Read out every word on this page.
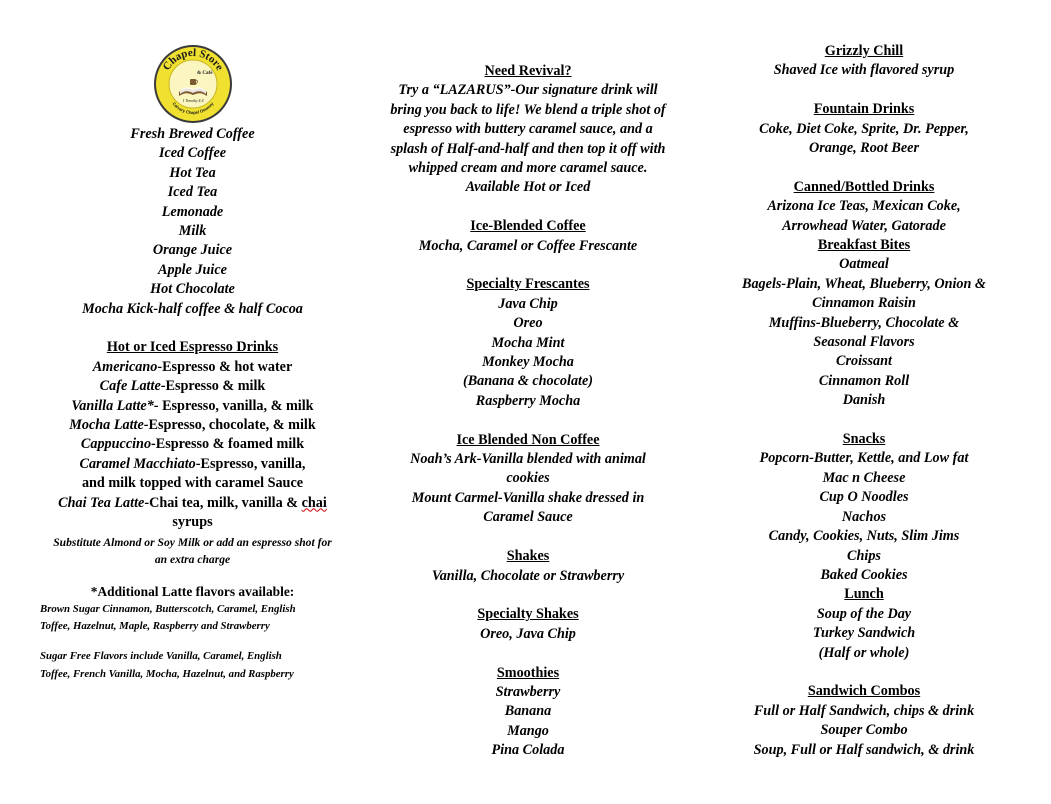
Chapel Store
Calvary Chapel Downey
& Café
1 Timothy 4:4
Fresh Brewed Coffee
Iced Coffee
Hot Tea
Iced Tea
Lemonade
Milk
Orange Juice
Apple Juice
Hot Chocolate
Mocha Kick-half coffee & half Cocoa
Hot or Iced Espresso Drinks
Americano-Espresso & hot water
Cafe Latte-Espresso & milk
Vanilla Latte*- Espresso, vanilla, & milk
Mocha Latte-Espresso, chocolate, & milk
Cappuccino-Espresso & foamed milk
Caramel Macchiato-Espresso, vanilla,
and milk topped with caramel Sauce
Chai Tea Latte-Chai tea, milk, vanilla & chai
syrups
Substitute Almond or Soy Milk or add an espresso shot for an extra charge
*Additional Latte flavors available:
Brown Sugar Cinnamon, Butterscotch, Caramel, English Toffee, Hazelnut, Maple, Raspberry and Strawberry
Sugar Free Flavors include Vanilla, Caramel, English Toffee, French Vanilla, Mocha, Hazelnut, and Raspberry
Need Revival?
Try a “LAZARUS”-Our signature drink will
bring you back to life! We blend a triple shot of
espresso with buttery caramel sauce, and a
splash of Half-and-half and then top it off with
whipped cream and more caramel sauce.
Available Hot or Iced
Ice-Blended Coffee
Mocha, Caramel or Coffee Frescante
Specialty Frescantes
Java Chip
Oreo
Mocha Mint
Monkey Mocha
(Banana & chocolate)
Raspberry Mocha
Ice Blended Non Coffee
Noah’s Ark-Vanilla blended with animal
cookies
Mount Carmel-Vanilla shake dressed in
Caramel Sauce
Shakes
Vanilla, Chocolate or Strawberry
Specialty Shakes
Oreo, Java Chip
Smoothies
Strawberry
Banana
Mango
Pina Colada
Grizzly Chill
Shaved Ice with flavored syrup
Fountain Drinks
Coke, Diet Coke, Sprite, Dr. Pepper,
Orange, Root Beer
Canned/Bottled Drinks
Arizona Ice Teas, Mexican Coke,
Arrowhead Water, Gatorade
Breakfast Bites
Oatmeal
Bagels-Plain, Wheat, Blueberry, Onion &
Cinnamon Raisin
Muffins-Blueberry, Chocolate &
Seasonal Flavors
Croissant
Cinnamon Roll
Danish
Snacks
Popcorn-Butter, Kettle, and Low fat
Mac n Cheese
Cup O Noodles
Nachos
Candy, Cookies, Nuts, Slim Jims
Chips
Baked Cookies
Lunch
Soup of the Day
Turkey Sandwich
(Half or whole)
Sandwich Combos
Full or Half Sandwich, chips & drink
Souper Combo
Soup, Full or Half sandwich, & drink
